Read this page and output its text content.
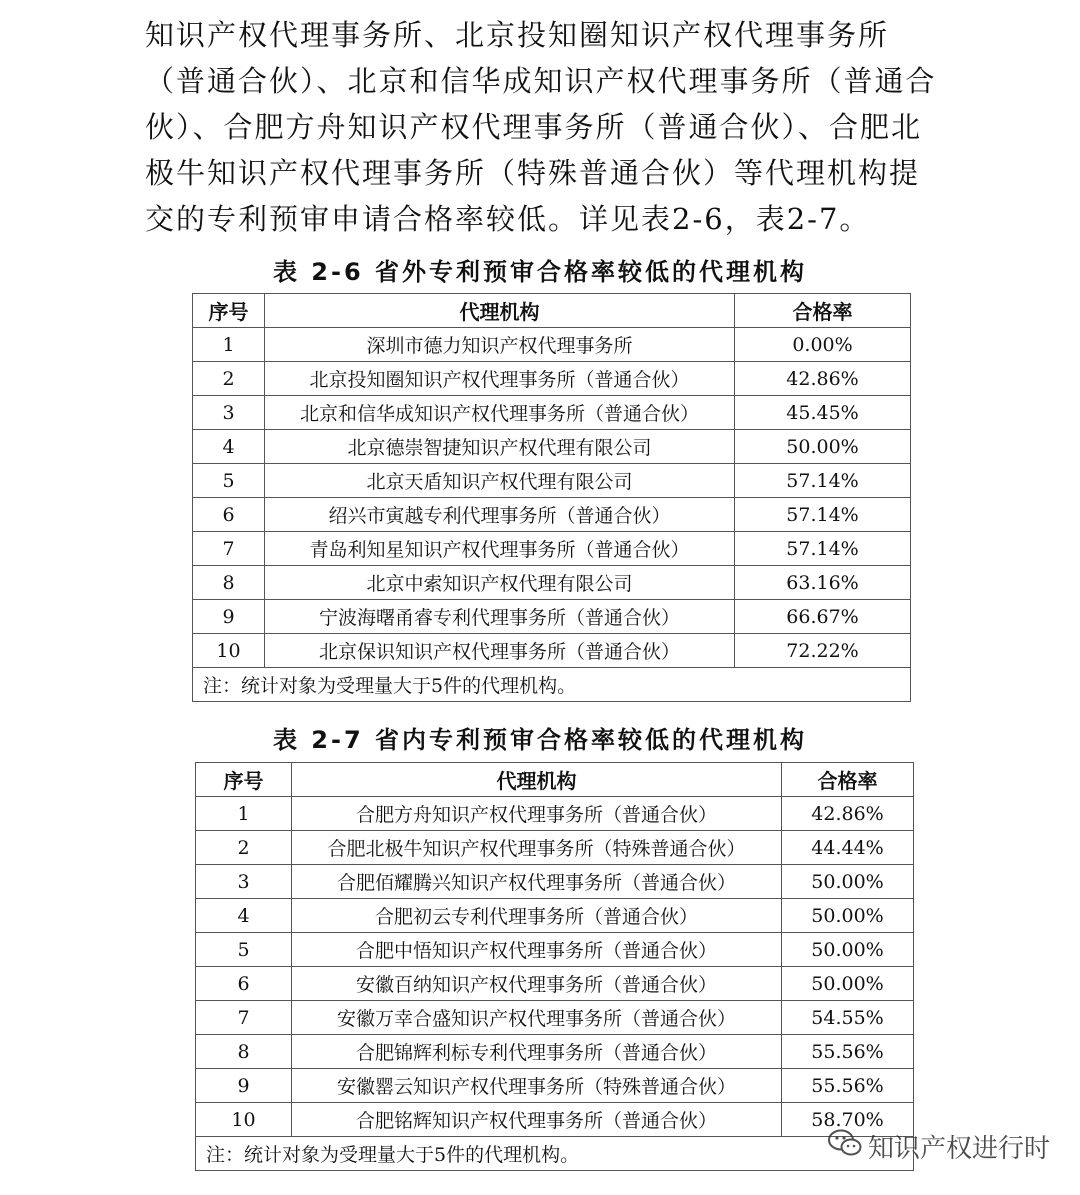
知识产权代理事务所、北京投知圈知识产权代理事务所（普通合伙）、北京和信华成知识产权代理事务所（普通合伙）、合肥方舟知识产权代理事务所（普通合伙）、合肥北极牛知识产权代理事务所（特殊普通合伙）等代理机构提交的专利预审申请合格率较低。详见表2-6，表2-7。
表 2-6 省外专利预审合格率较低的代理机构
序号	代理机构	合格率
1	深圳市德力知识产权代理事务所	0.00%
2	北京投知圈知识产权代理事务所（普通合伙）	42.86%
3	北京和信华成知识产权代理事务所（普通合伙）	45.45%
4	北京德崇智捷知识产权代理有限公司	50.00%
5	北京天盾知识产权代理有限公司	57.14%
6	绍兴市寅越专利代理事务所（普通合伙）	57.14%
7	青岛利知星知识产权代理事务所（普通合伙）	57.14%
8	北京中索知识产权代理有限公司	63.16%
9	宁波海曙甬睿专利代理事务所（普通合伙）	66.67%
10	北京保识知识产权代理事务所（普通合伙）	72.22%
注：统计对象为受理量大于5件的代理机构。		
表 2-7 省内专利预审合格率较低的代理机构
序号	代理机构	合格率
1	合肥方舟知识产权代理事务所（普通合伙）	42.86%
2	合肥北极牛知识产权代理事务所（特殊普通合伙）	44.44%
3	合肥佰耀腾兴知识产权代理事务所（普通合伙）	50.00%
4	合肥初云专利代理事务所（普通合伙）	50.00%
5	合肥中悟知识产权代理事务所（普通合伙）	50.00%
6	安徽百纳知识产权代理事务所（普通合伙）	50.00%
7	安徽万幸合盛知识产权代理事务所（普通合伙）	54.55%
8	合肥锦辉利标专利代理事务所（普通合伙）	55.56%
9	安徽罂云知识产权代理事务所（特殊普通合伙）	55.56%
10	合肥铭辉知识产权代理事务所（普通合伙）	58.70%
注：统计对象为受理量大于5件的代理机构。			知识产权进行时
